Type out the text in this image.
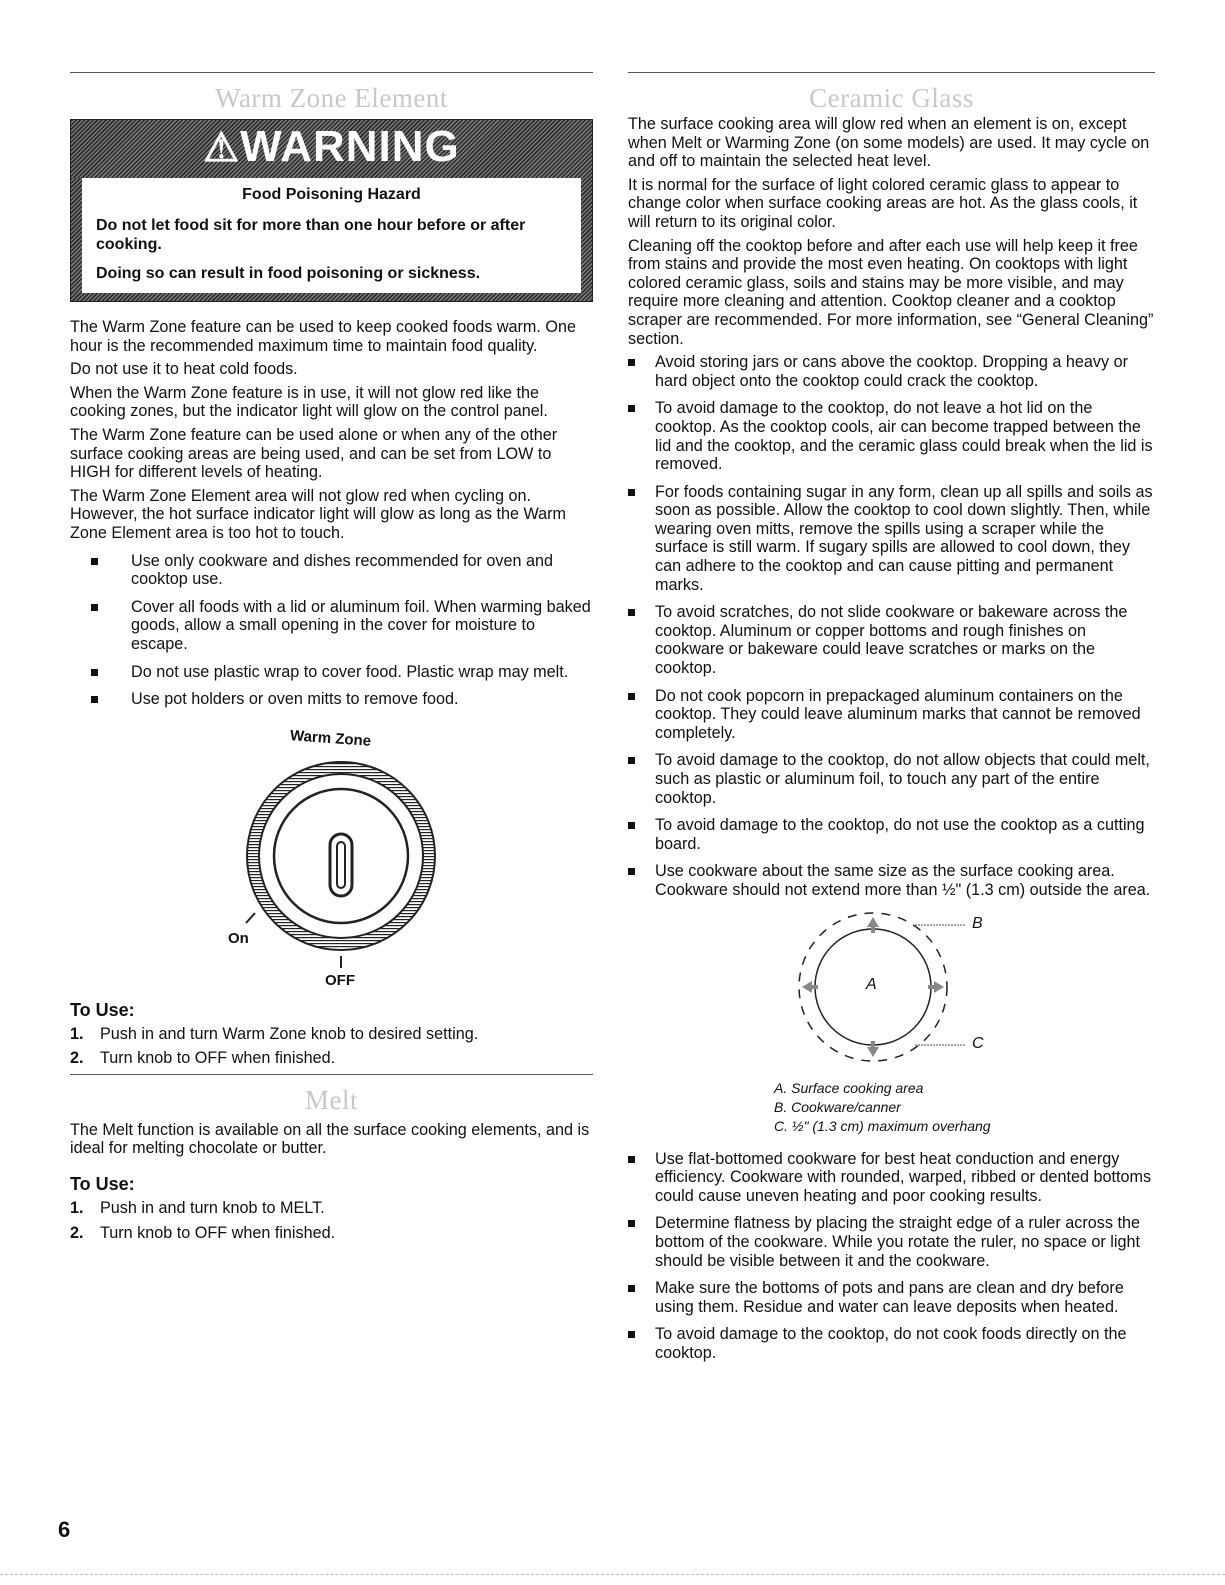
Warm Zone Element
⚠WARNING
Food Poisoning Hazard
Do not let food sit for more than one hour before or after cooking.
Doing so can result in food poisoning or sickness.

The Warm Zone feature can be used to keep cooked foods warm. One hour is the recommended maximum time to maintain food quality.

Do not use it to heat cold foods.

When the Warm Zone feature is in use, it will not glow red like the cooking zones, but the indicator light will glow on the control panel.

The Warm Zone feature can be used alone or when any of the other surface cooking areas are being used, and can be set from LOW to HIGH for different levels of heating.

The Warm Zone Element area will not glow red when cycling on. However, the hot surface indicator light will glow as long as the Warm Zone Element area is too hot to touch.

Use only cookware and dishes recommended for oven and cooktop use.
Cover all foods with a lid or aluminum foil. When warming baked goods, allow a small opening in the cover for moisture to escape.
Do not use plastic wrap to cover food. Plastic wrap may melt.
Use pot holders or oven mitts to remove food.
Warm Zone
On
OFF
To Use:
1. Push in and turn Warm Zone knob to desired setting.
2. Turn knob to OFF when finished.
Melt

The Melt function is available on all the surface cooking elements, and is ideal for melting chocolate or butter.

To Use:
1. Push in and turn knob to MELT.
2. Turn knob to OFF when finished.
Ceramic Glass

The surface cooking area will glow red when an element is on, except when Melt or Warming Zone (on some models) are used. It may cycle on and off to maintain the selected heat level.

It is normal for the surface of light colored ceramic glass to appear to change color when surface cooking areas are hot. As the glass cools, it will return to its original color.

Cleaning off the cooktop before and after each use will help keep it free from stains and provide the most even heating. On cooktops with light colored ceramic glass, soils and stains may be more visible, and may require more cleaning and attention. Cooktop cleaner and a cooktop scraper are recommended. For more information, see “General Cleaning” section.

Avoid storing jars or cans above the cooktop. Dropping a heavy or hard object onto the cooktop could crack the cooktop.
To avoid damage to the cooktop, do not leave a hot lid on the cooktop. As the cooktop cools, air can become trapped between the lid and the cooktop, and the ceramic glass could break when the lid is removed.
For foods containing sugar in any form, clean up all spills and soils as soon as possible. Allow the cooktop to cool down slightly. Then, while wearing oven mitts, remove the spills using a scraper while the surface is still warm. If sugary spills are allowed to cool down, they can adhere to the cooktop and can cause pitting and permanent marks.
To avoid scratches, do not slide cookware or bakeware across the cooktop. Aluminum or copper bottoms and rough finishes on cookware or bakeware could leave scratches or marks on the cooktop.
Do not cook popcorn in prepackaged aluminum containers on the cooktop. They could leave aluminum marks that cannot be removed completely.
To avoid damage to the cooktop, do not allow objects that could melt, such as plastic or aluminum foil, to touch any part of the entire cooktop.
To avoid damage to the cooktop, do not use the cooktop as a cutting board.
Use cookware about the same size as the surface cooking area. Cookware should not extend more than ½" (1.3 cm) outside the area.
A
B
C
A. Surface cooking area
B. Cookware/canner
C. ½" (1.3 cm) maximum overhang
Use flat-bottomed cookware for best heat conduction and energy efficiency. Cookware with rounded, warped, ribbed or dented bottoms could cause uneven heating and poor cooking results.
Determine flatness by placing the straight edge of a ruler across the bottom of the cookware. While you rotate the ruler, no space or light should be visible between it and the cookware.
Make sure the bottoms of pots and pans are clean and dry before using them. Residue and water can leave deposits when heated.
To avoid damage to the cooktop, do not cook foods directly on the cooktop.
6
